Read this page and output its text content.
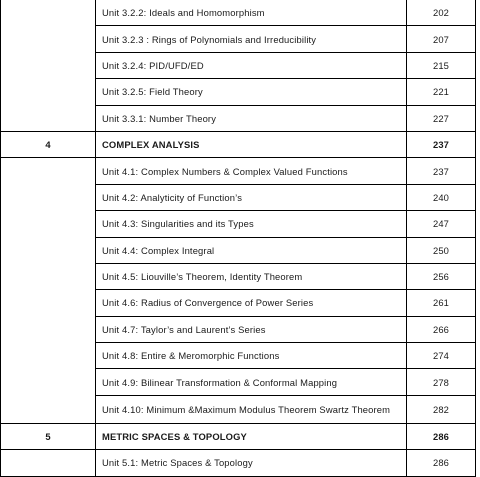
	Unit 3.2.2: Ideals and Homomorphism	202
	Unit 3.2.3 : Rings of Polynomials and Irreducibility	207
	Unit 3.2.4: PID/UFD/ED	215
	Unit 3.2.5: Field Theory	221
	Unit 3.3.1: Number Theory	227
4	COMPLEX ANALYSIS	237
	Unit 4.1: Complex Numbers & Complex Valued Functions	237
	Unit 4.2: Analyticity of Function’s	240
	Unit 4.3: Singularities and its Types	247
	Unit 4.4: Complex Integral	250
	Unit 4.5: Liouville’s Theorem, Identity Theorem	256
	Unit 4.6: Radius of Convergence of Power Series	261
	Unit 4.7: Taylor’s and Laurent’s Series	266
	Unit 4.8: Entire & Meromorphic Functions	274
	Unit 4.9: Bilinear Transformation & Conformal Mapping	278
	Unit 4.10: Minimum &Maximum Modulus Theorem Swartz Theorem	282
5	METRIC SPACES & TOPOLOGY	286
	Unit 5.1: Metric Spaces & Topology	286
